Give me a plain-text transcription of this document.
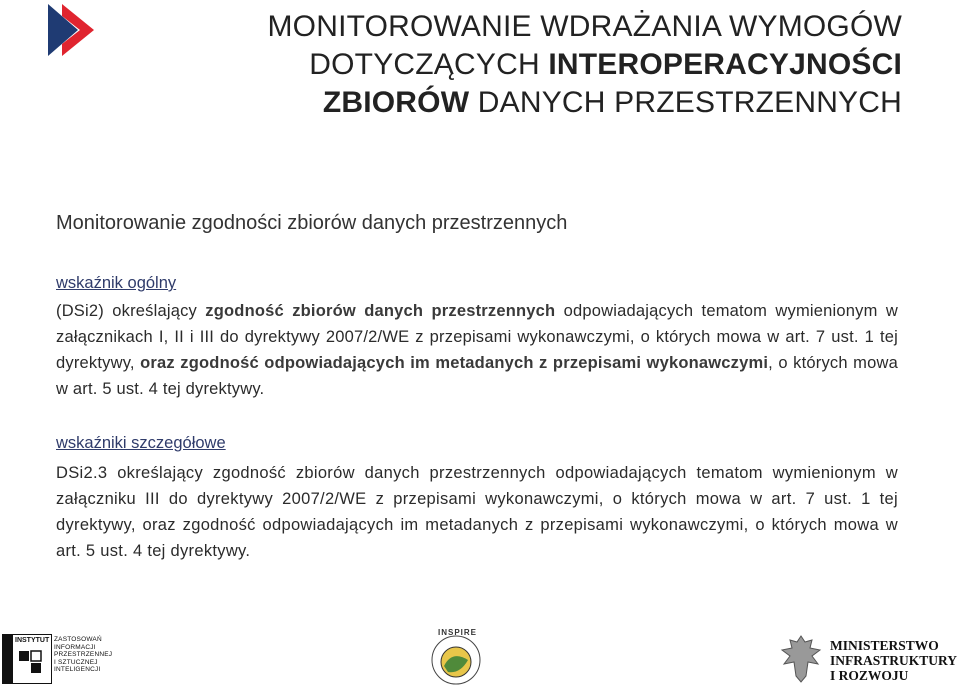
MONITOROWANIE WDRAŻANIA WYMOGÓW
DOTYCZĄCYCH INTEROPERACYJNOŚCI
ZBIORÓW DANYCH PRZESTRZENNYCH
Monitorowanie zgodności zbiorów danych przestrzennych
wskaźnik ogólny
(DSi2) określający zgodność zbiorów danych przestrzennych odpowiadających tematom wymienionym w załącznikach I, II i III do dyrektywy 2007/2/WE z przepisami wykonawczymi, o których mowa w art. 7 ust. 1 tej dyrektywy, oraz zgodność odpowiadających im metadanych z przepisami wykonawczymi, o których mowa w art. 5 ust. 4 tej dyrektywy.
wskaźniki szczegółowe
DSi2.3 określający zgodność zbiorów danych przestrzennych odpowiadających tematom wymienionym w załączniku III do dyrektywy 2007/2/WE z przepisami wykonawczymi, o których mowa w art. 7 ust. 1 tej dyrektywy, oraz zgodność odpowiadających im metadanych z przepisami wykonawczymi, o których mowa w art. 5 ust. 4 tej dyrektywy.
INSTYTUT ZASTOSOWAŃ
INFORMACJI
PRZESTRZENNEJ
I SZTUCZNEJ
INTELIGENCJI
INSPIRE
MINISTERSTWO
INFRASTRUKTURY
I ROZWOJU
